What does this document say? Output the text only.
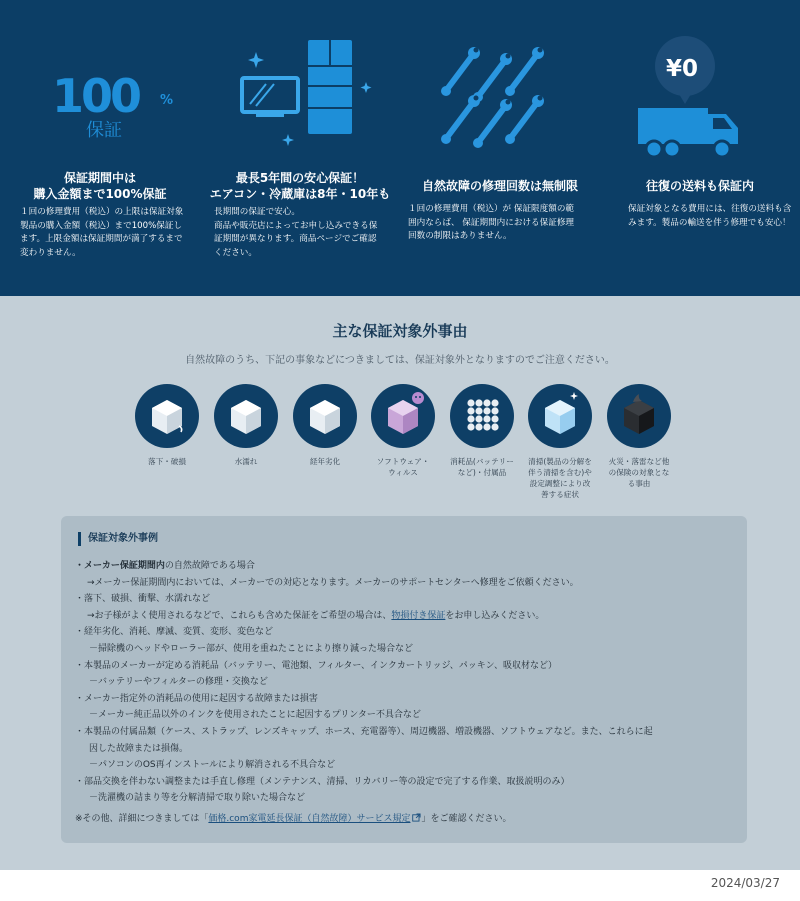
100 %
保証
保証期間中は
購入金額まで100%保証

１回の修理費用（税込）の上限は保証対象
製品の購入金額（税込）まで100%保証し
ます。上限金額は保証期間が満了するまで
変わりません。

最長5年間の安心保証！
エアコン・冷蔵庫は8年・10年も

長期間の保証で安心。
商品や販売店によってお申し込みできる保
証期間が異なります。商品ページでご確認
ください。

自然故障の修理回数は無制限

１回の修理費用（税込）が 保証限度額の範
囲内ならば、 保証期間内における保証修理
回数の制限はありません。

¥0
往復の送料も保証内

保証対象となる費用には、往復の送料も含
みます。製品の輸送を伴う修理でも安心！

主な保証対象外事由
自然故障のうち、下記の事象などにつきましては、保証対象外となりますのでご注意ください。
落下・破損	水濡れ	経年劣化	ソフトウェア・
ウィルス
消耗品(バッテリー
など)・付属品
清掃(製品の分解を
伴う清掃を含む)や
設定調整により改
善する症状
火災・落雷など他
の保険の対象とな
る事由
保証対象外事例
・メーカー保証期間内の自然故障である場合
→メーカー保証期間内においては、メーカーでの対応となります。メーカーのサポートセンターへ修理をご依頼ください。
・落下、破損、衝撃、水濡れなど
→お子様がよく使用されるなどで、これらも含めた保証をご希望の場合は、物損付き保証をお申し込みください。
・経年劣化、消耗、摩滅、変質、変形、変色など
－掃除機のヘッドやローラー部が、使用を重ねたことにより擦り減った場合など
・本製品のメーカーが定める消耗品（バッテリー、電池類、フィルター、インクカートリッジ、パッキン、吸収材など）
－バッテリーやフィルターの修理・交換など
・メーカー指定外の消耗品の使用に起因する故障または損害
－メーカー純正品以外のインクを使用されたことに起因するプリンター不具合など
・本製品の付属品類（ケース、ストラップ、レンズキャップ、ホース、充電器等）、周辺機器、増設機器、ソフトウェアなど。また、これらに起
因した故障または損傷。
－パソコンのOS再インストールにより解消される不具合など
・部品交換を伴わない調整または手直し修理（メンテナンス、清掃、リカバリー等の設定で完了する作業、取扱説明のみ）
－洗濯機の詰まり等を分解清掃で取り除いた場合など
※その他、詳細につきましては「価格.com家電延長保証（自然故障）サービス規定 」をご確認ください。
2024/03/27
